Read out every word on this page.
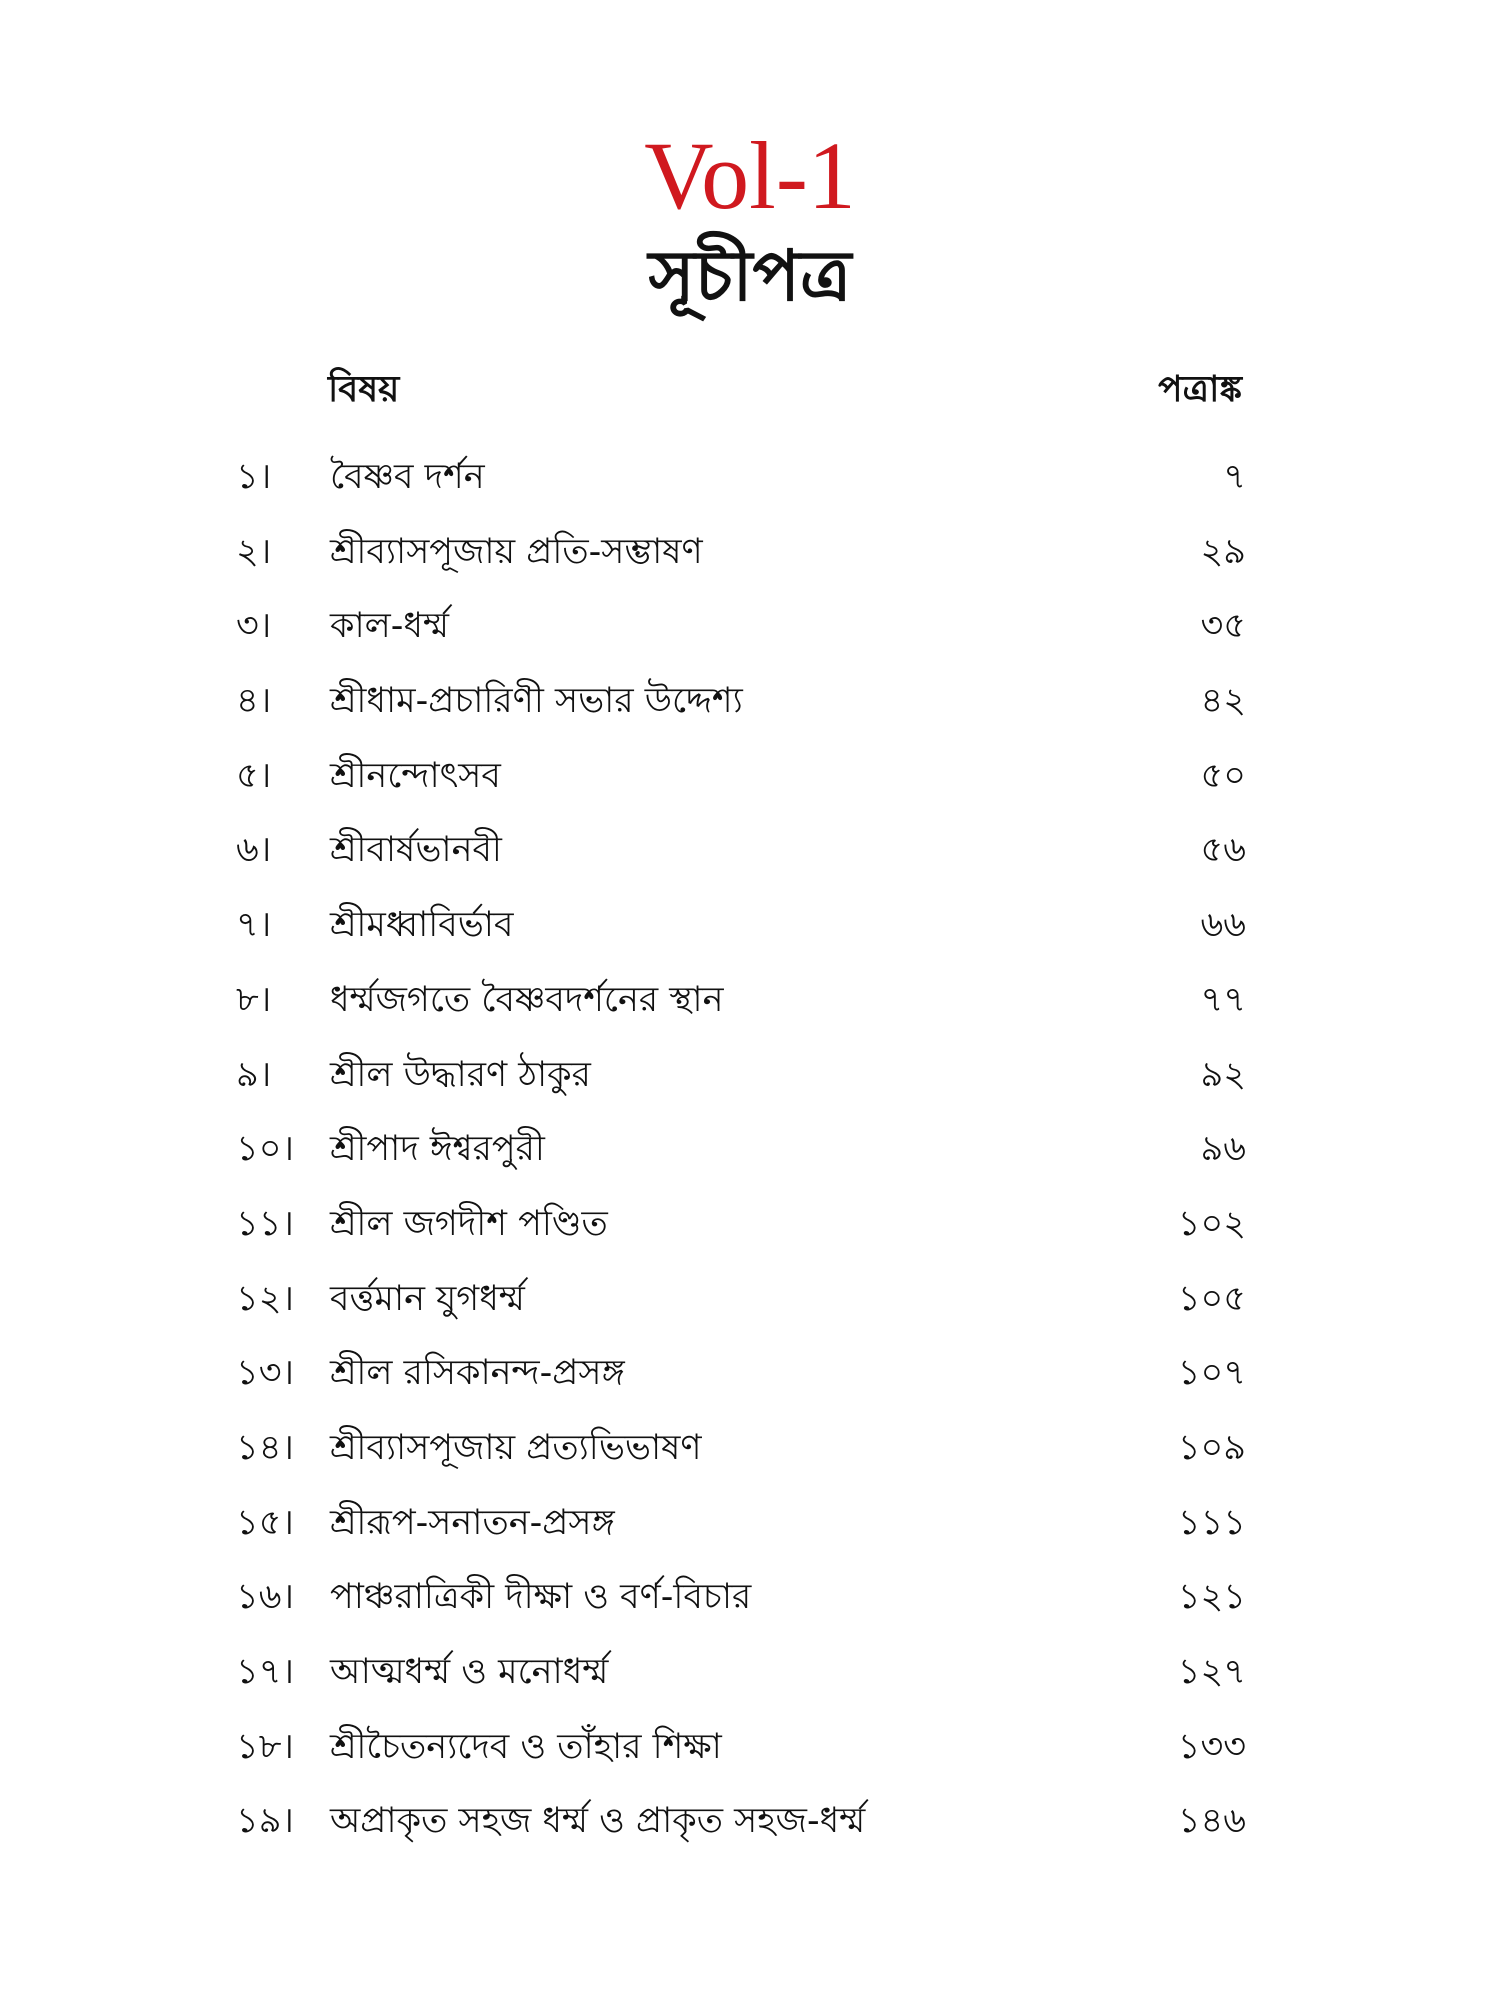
Vol-1
সূচীপত্র
বিষয়	পত্রাঙ্ক
১। বৈষ্ণব দর্শন	৭
২। শ্রীব্যাসপূজায় প্রতি-সম্ভাষণ	২৯
৩। কাল-ধৰ্ম্ম	৩৫
৪। শ্রীধাম-প্রচারিণী সভার উদ্দেশ্য	৪২
৫। শ্রীনন্দোৎসব	৫০
৬। শ্রীবার্ষভানবী	৫৬
৭। শ্রীমধ্বাবির্ভাব	৬৬
৮। ধৰ্ম্মজগতে বৈষ্ণবদর্শনের স্থান	৭৭
৯। শ্রীল উদ্ধারণ ঠাকুর	৯২
১০। শ্রীপাদ ঈশ্বরপুরী	৯৬
১১। শ্রীল জগদীশ পণ্ডিত	১০২
১২। বৰ্ত্তমান যুগধৰ্ম্ম	১০৫
১৩। শ্রীল রসিকানন্দ-প্রসঙ্গ	১০৭
১৪। শ্রীব্যাসপূজায় প্রত্যভিভাষণ	১০৯
১৫। শ্রীরূপ-সনাতন-প্রসঙ্গ	১১১
১৬। পাঞ্চরাত্রিকী দীক্ষা ও বর্ণ-বিচার	১২১
১৭। আত্মধৰ্ম্ম ও মনোধৰ্ম্ম	১২৭
১৮। শ্রীচৈতন্যদেব ও তাঁহার শিক্ষা	১৩৩
১৯। অপ্রাকৃত সহজ ধৰ্ম্ম ও প্রাকৃত সহজ-ধৰ্ম্ম	১৪৬
